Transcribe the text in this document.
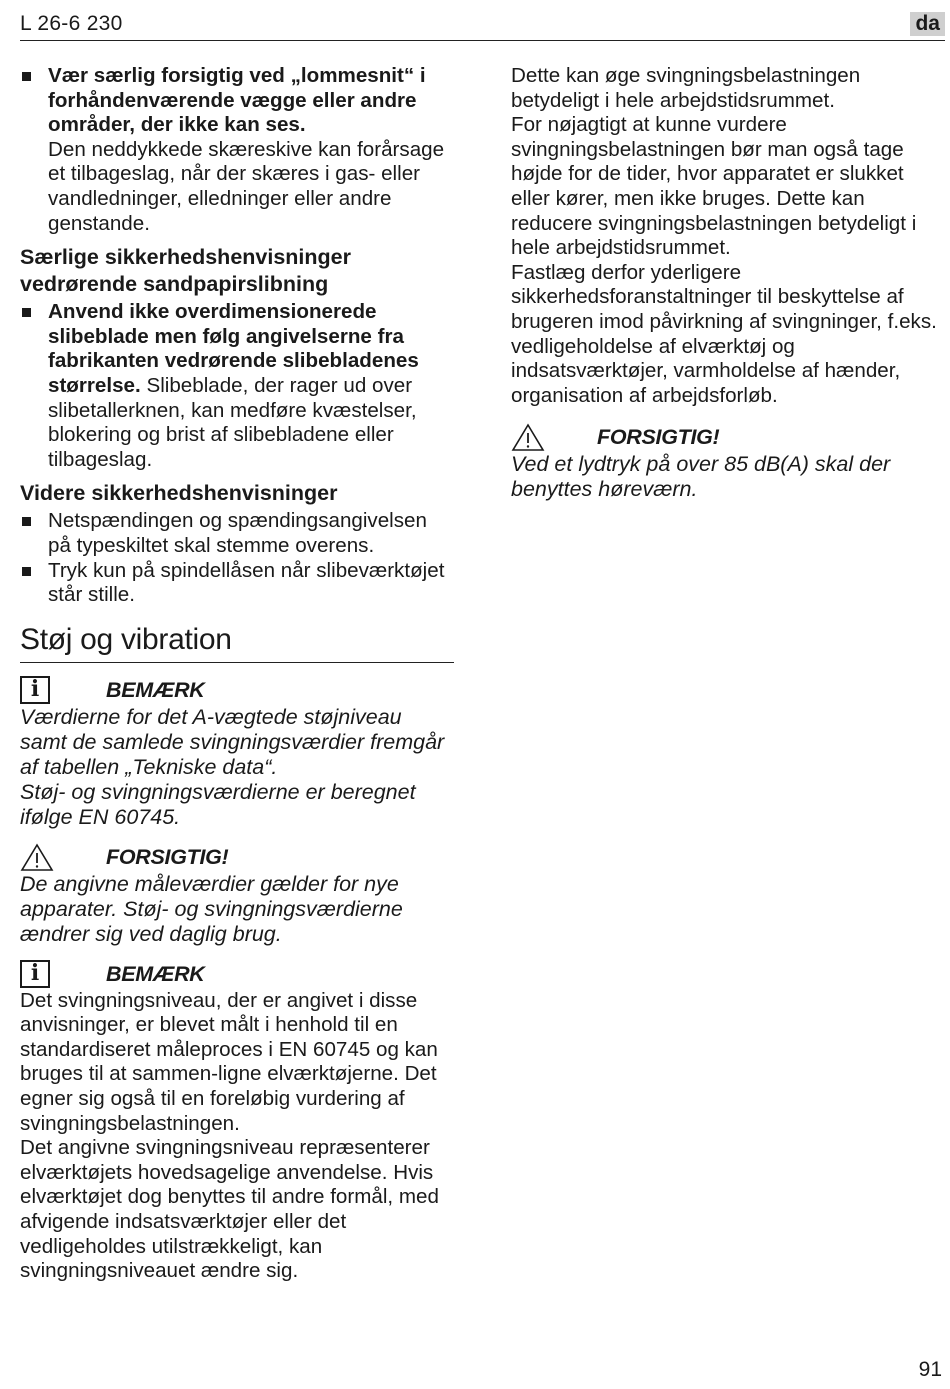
L 26-6 230	da

Vær særlig forsigtig ved „lommesnit“ i forhåndenværende vægge eller andre områder, der ikke kan ses.

Den neddykkede skæreskive kan forårsage et tilbageslag, når der skæres i gas- eller vandledninger, elledninger eller andre genstande.

Særlige sikkerhedshenvisninger vedrørende sandpapirslibning

Anvend ikke overdimensionerede slibeblade men følg angivelserne fra fabrikanten vedrørende slibebladenes størrelse. Slibeblade, der rager ud over slibetallerknen, kan medføre kvæstelser, blokering og brist af slibebladene eller tilbageslag.

Videre sikkerhedshenvisninger

Netspændingen og spændingsangivelsen på typeskiltet skal stemme overens.

Tryk kun på spindellåsen når slibeværktøjet står stille.

Støj og vibration
i	BEMÆRK

Værdierne for det A-vægtede støjniveau samt de samlede svingningsværdier fremgår af tabellen „Tekniske data“.

Støj- og svingningsværdierne er beregnet ifølge EN 60745.

FORSIGTIG!

De angivne måleværdier gælder for nye apparater. Støj- og svingningsværdierne ændrer sig ved daglig brug.

i	BEMÆRK

Det svingningsniveau, der er angivet i disse anvisninger, er blevet målt i henhold til en standardiseret måleproces i EN 60745 og kan bruges til at sammen-ligne elværktøjerne. Det egner sig også til en foreløbig vurdering af svingningsbelastningen.

Det angivne svingningsniveau repræsenterer elværktøjets hovedsagelige anvendelse. Hvis elværktøjet dog benyttes til andre formål, med afvigende indsatsværktøjer eller det vedligeholdes utilstrækkeligt, kan svingningsniveauet ændre sig.

Dette kan øge svingningsbelastningen betydeligt i hele arbejdstidsrummet.

For nøjagtigt at kunne vurdere svingningsbelastningen bør man også tage højde for de tider, hvor apparatet er slukket eller kører, men ikke bruges. Dette kan reducere svingningsbelastningen betydeligt i hele arbejdstidsrummet.

Fastlæg derfor yderligere sikkerhedsforanstaltninger til beskyttelse af brugeren imod påvirkning af svingninger, f.eks. vedligeholdelse af elværktøj og indsatsværktøjer, varmholdelse af hænder, organisation af arbejdsforløb.

FORSIGTIG!

Ved et lydtryk på over 85 dB(A) skal der benyttes høreværn.

91
